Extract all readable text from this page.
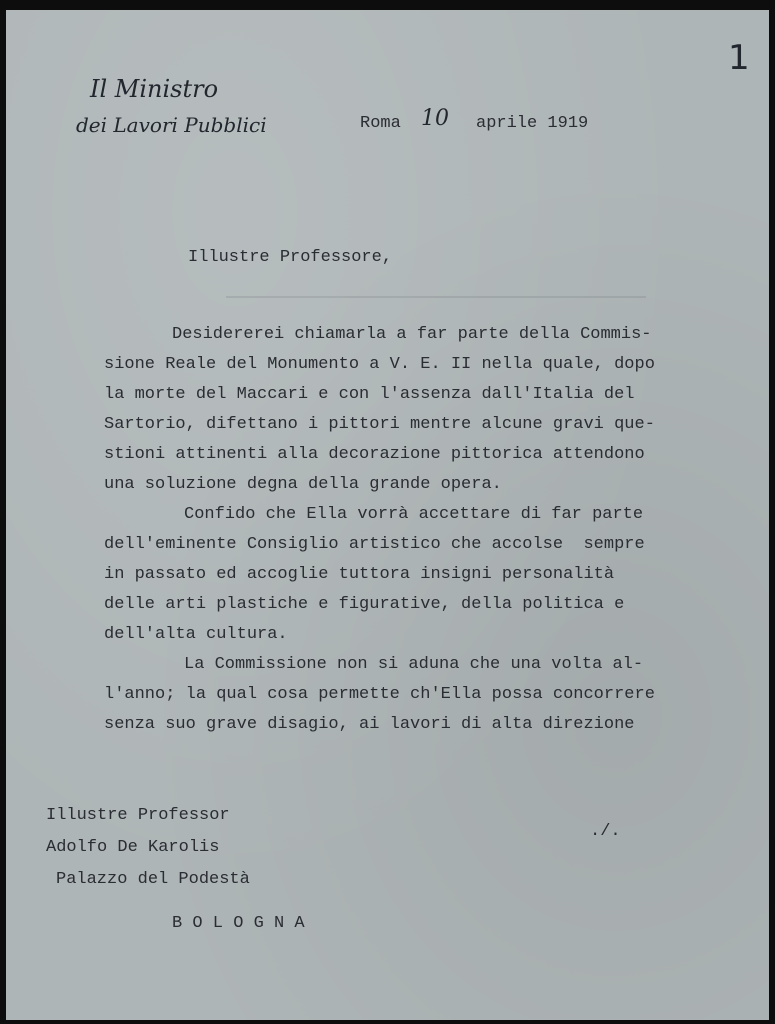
1
Il Ministro
dei Lavori Pubblici	Roma 10 aprile 1919
Illustre Professore,
Desidererei chiamarla a far parte della Commis-
sione Reale del Monumento a V. E. II nella quale, dopo
la morte del Maccari e con l'assenza dall'Italia del
Sartorio, difettano i pittori mentre alcune gravi que-
stioni attinenti alla decorazione pittorica attendono
una soluzione degna della grande opera.
Confido che Ella vorrà accettare di far parte
dell'eminente Consiglio artistico che accolse  sempre
in passato ed accoglie tuttora insigni personalità
delle arti plastiche e figurative, della politica e
dell'alta cultura.
La Commissione non si aduna che una volta al-
l'anno; la qual cosa permette ch'Ella possa concorrere
senza suo grave disagio, ai lavori di alta direzione
Illustre Professor
Adolfo De Karolis
Palazzo del Podestà
B O L O G N A
./.
